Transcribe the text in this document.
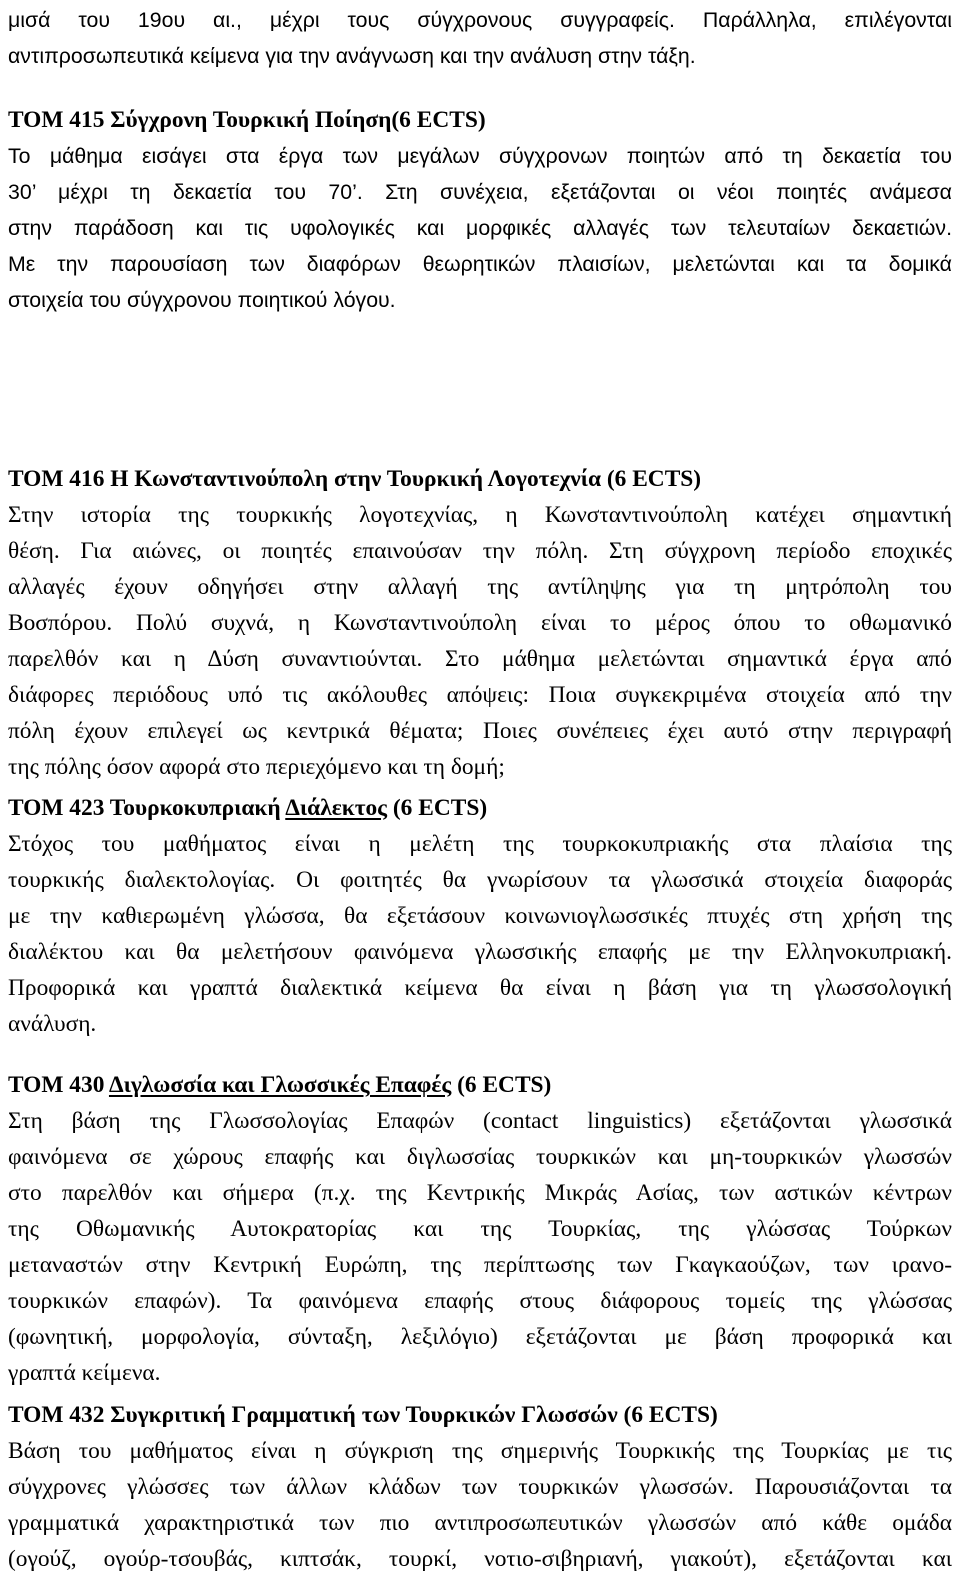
μισά του 19ου αι., μέχρι τους σύγχρονους συγγραφείς. Παράλληλα, επιλέγονται
αντιπροσωπευτικά κείμενα για την ανάγνωση και την ανάλυση στην τάξη.
ΤΟΜ 415 Σύγχρονη Τουρκική Ποίηση(6 ECTS)
Το μάθημα εισάγει στα έργα των μεγάλων σύγχρονων ποιητών από τη δεκαετία του
30’ μέχρι τη δεκαετία του 70’. Στη συνέχεια, εξετάζονται οι νέοι ποιητές ανάμεσα
στην παράδοση και τις υφολογικές και μορφικές αλλαγές των τελευταίων δεκαετιών.
Με την παρουσίαση των διαφόρων θεωρητικών πλαισίων, μελετώνται και τα δομικά
στοιχεία του σύγχρονου ποιητικού λόγου.
ΤΟΜ 416 Η Κωνσταντινούπολη στην Τουρκική Λογοτεχνία (6 ECTS)
Στην ιστορία της τουρκικής λογοτεχνίας, η Κωνσταντινούπολη κατέχει σημαντική
θέση. Για αιώνες, οι ποιητές επαινούσαν την πόλη. Στη σύγχρονη περίοδο εποχικές
αλλαγές έχουν οδηγήσει στην αλλαγή της αντίληψης για τη μητρόπολη του
Βοσπόρου. Πολύ συχνά, η Κωνσταντινούπολη είναι το μέρος όπου το οθωμανικό
παρελθόν και η Δύση συναντιούνται. Στο μάθημα μελετώνται σημαντικά έργα από
διάφορες περιόδους υπό τις ακόλουθες απόψεις: Ποια συγκεκριμένα στοιχεία από την
πόλη έχουν επιλεγεί ως κεντρικά θέματα; Ποιες συνέπειες έχει αυτό στην περιγραφή
της πόλης όσον αφορά στο περιεχόμενο και τη δομή;
ΤΟΜ 423 Τουρκοκυπριακή Διάλεκτος (6 ECTS)
Στόχος του μαθήματος είναι η μελέτη της τουρκοκυπριακής στα πλαίσια της
τουρκικής διαλεκτολογίας. Οι φοιτητές θα γνωρίσουν τα γλωσσικά στοιχεία διαφοράς
με την καθιερωμένη γλώσσα, θα εξετάσουν κοινωνιογλωσσικές πτυχές στη χρήση της
διαλέκτου και θα μελετήσουν φαινόμενα γλωσσικής επαφής με την Ελληνοκυπριακή.
Προφορικά και γραπτά διαλεκτικά κείμενα θα είναι η βάση για τη γλωσσολογική
ανάλυση.
ΤΟΜ 430 Διγλωσσία και Γλωσσικές Επαφές (6 ECTS)
Στη βάση της Γλωσσολογίας Επαφών (contact linguistics) εξετάζονται γλωσσικά
φαινόμενα σε χώρους επαφής και διγλωσσίας τουρκικών και μη-τουρκικών γλωσσών
στο παρελθόν και σήμερα (π.χ. της Κεντρικής Μικράς Ασίας, των αστικών κέντρων
της Οθωμανικής Αυτοκρατορίας και της Τουρκίας, της γλώσσας Τούρκων
μεταναστών στην Κεντρική Ευρώπη, της περίπτωσης των Γκαγκαούζων, των ιρανο-
τουρκικών επαφών). Τα φαινόμενα επαφής στους διάφορους τομείς της γλώσσας
(φωνητική, μορφολογία, σύνταξη, λεξιλόγιο) εξετάζονται με βάση προφορικά και
γραπτά κείμενα.
ΤΟΜ 432 Συγκριτική Γραμματική των Τουρκικών Γλωσσών (6 ECTS)
Βάση του μαθήματος είναι η σύγκριση της σημερινής Τουρκικής της Τουρκίας με τις
σύγχρονες γλώσσες των άλλων κλάδων των τουρκικών γλωσσών. Παρουσιάζονται τα
γραμματικά χαρακτηριστικά των πιο αντιπροσωπευτικών γλωσσών από κάθε ομάδα
(ογούζ, ογούρ-τσουβάς, κιπτσάκ, τουρκί, νοτιο-σιβηριανή, γιακούτ), εξετάζονται και
